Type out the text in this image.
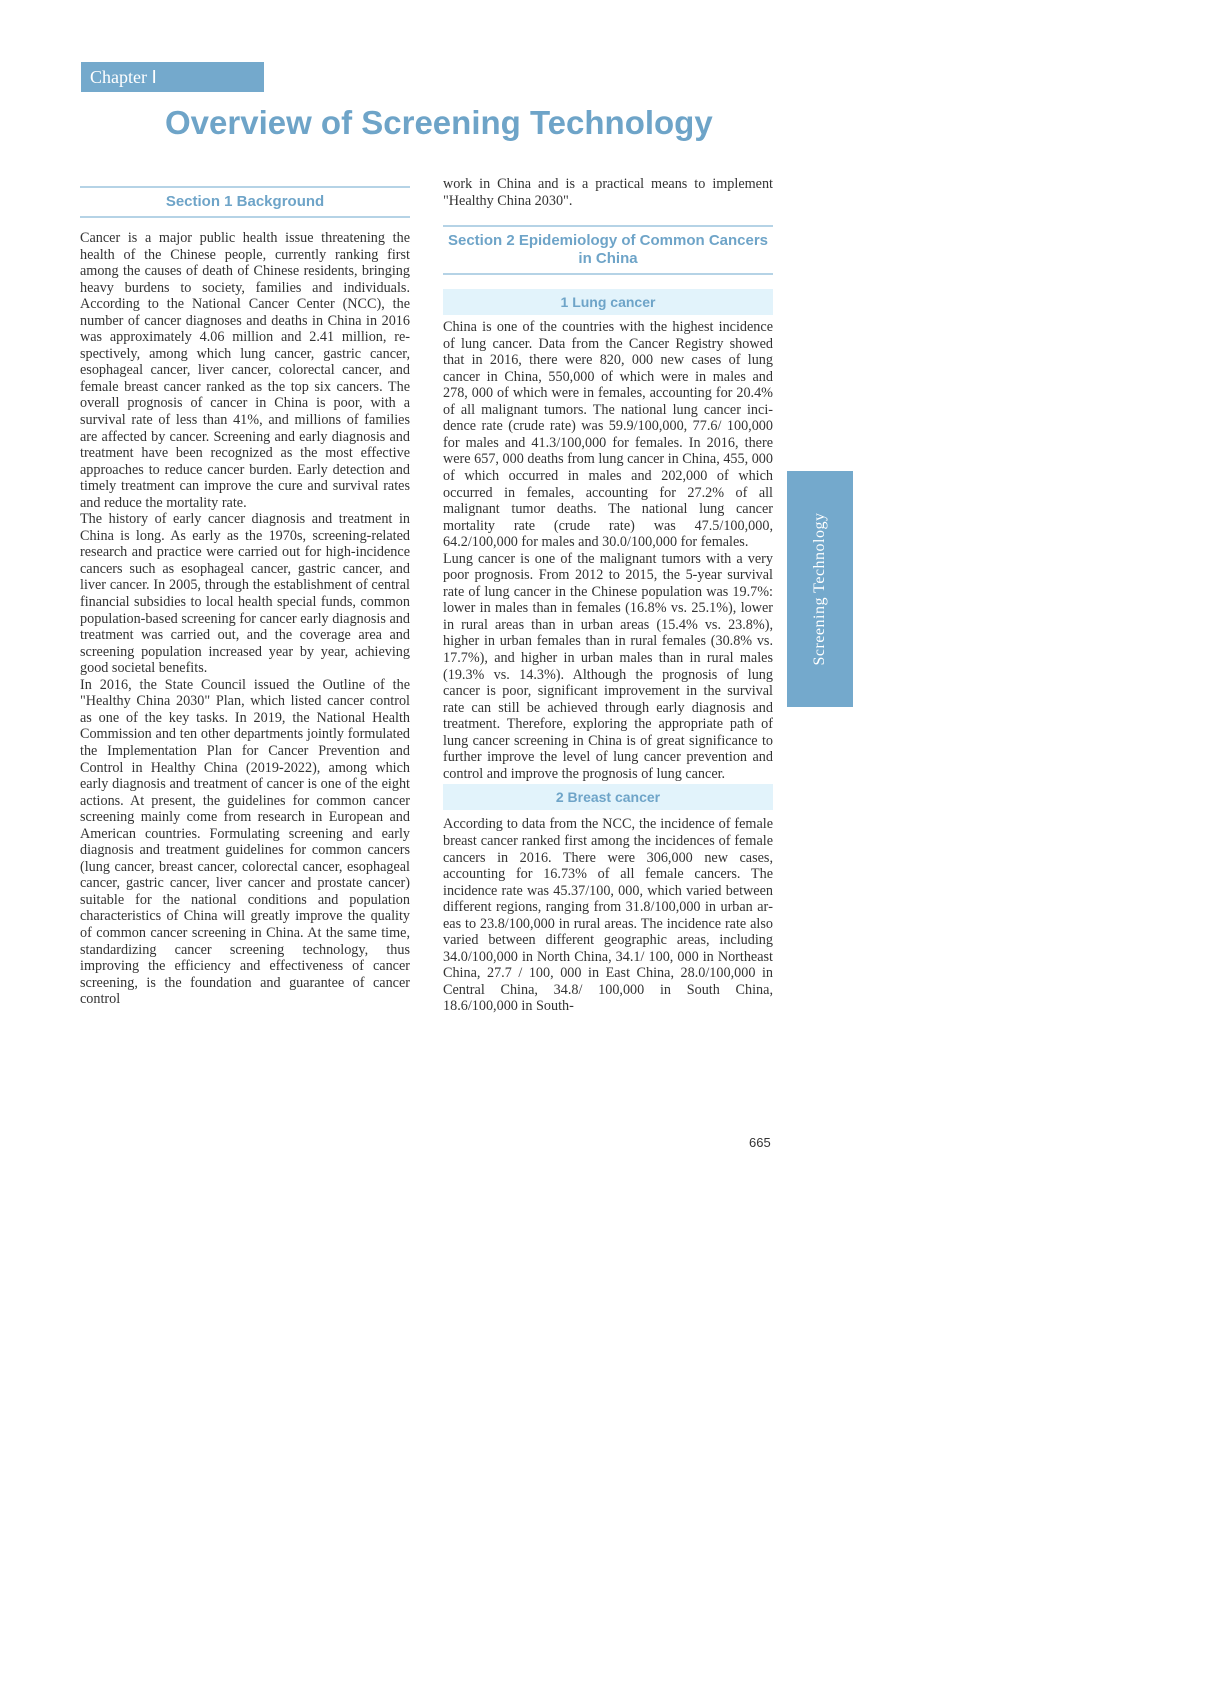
Chapter Ⅰ
Overview of Screening Technology
Section 1 Background

Cancer is a major public health issue threatening the health of the Chinese people, currently ranking first among the causes of death of Chinese residents, bringing heavy burdens to society, families and individuals. According to the National Cancer Center (NCC), the number of cancer diagnoses and deaths in China in 2016 was approximately 4.06 million and 2.41 million, respectively, among which lung cancer, gastric cancer, esophageal cancer, liver cancer, colorectal cancer, and female breast cancer ranked as the top six cancers. The overall prognosis of cancer in China is poor, with a survival rate of less than 41%, and millions of families are affected by cancer. Screening and early diagnosis and treatment have been recognized as the most effective approaches to reduce cancer burden. Early detection and timely treatment can improve the cure and survival rates and reduce the mortality rate.

The history of early cancer diagnosis and treatment in China is long. As early as the 1970s, screening-related research and practice were carried out for high-incidence cancers such as esophageal cancer, gastric cancer, and liver cancer. In 2005, through the establishment of central financial subsidies to local health special funds, common population-based screening for cancer early diagnosis and treatment was carried out, and the coverage area and screening population increased year by year, achieving good societal benefits.

In 2016, the State Council issued the Outline of the "Healthy China 2030" Plan, which listed cancer control as one of the key tasks. In 2019, the National Health Commission and ten other departments jointly formulated the Implementation Plan for Cancer Prevention and Control in Healthy China (2019-2022), among which early diagnosis and treatment of cancer is one of the eight actions. At present, the guidelines for common cancer screening mainly come from research in European and American countries. Formulating screening and early diagnosis and treatment guidelines for common cancers (lung cancer, breast cancer, colorectal cancer, esophageal cancer, gastric cancer, liver cancer and prostate cancer) suitable for the national conditions and population characteristics of China will greatly improve the quality of common cancer screening in China. At the same time, standardizing cancer screening technology, thus improving the efficiency and effectiveness of cancer screening, is the foundation and guarantee of cancer control

work in China and is a practical means to implement "Healthy China 2030".

Section 2 Epidemiology of Common Cancers in China
1 Lung cancer

China is one of the countries with the highest incidence of lung cancer. Data from the Cancer Registry showed that in 2016, there were 820, 000 new cases of lung cancer in China, 550,000 of which were in males and 278, 000 of which were in females, accounting for 20.4% of all malignant tumors. The national lung cancer incidence rate (crude rate) was 59.9/100,000, 77.6/ 100,000 for males and 41.3/100,000 for females. In 2016, there were 657, 000 deaths from lung cancer in China, 455, 000 of which occurred in males and 202,000 of which occurred in females, accounting for 27.2% of all malignant tumor deaths. The national lung cancer mortality rate (crude rate) was 47.5/100,000, 64.2/100,000 for males and 30.0/100,000 for females.

Lung cancer is one of the malignant tumors with a very poor prognosis. From 2012 to 2015, the 5-year survival rate of lung cancer in the Chinese population was 19.7%: lower in males than in females (16.8% vs. 25.1%), lower in rural areas than in urban areas (15.4% vs. 23.8%), higher in urban females than in rural females (30.8% vs. 17.7%), and higher in urban males than in rural males (19.3% vs. 14.3%). Although the prognosis of lung cancer is poor, significant improvement in the survival rate can still be achieved through early diagnosis and treatment. Therefore, exploring the appropriate path of lung cancer screening in China is of great significance to further improve the level of lung cancer prevention and control and improve the prognosis of lung cancer.

2 Breast cancer

According to data from the NCC, the incidence of female breast cancer ranked first among the incidences of female cancers in 2016. There were 306,000 new cases, accounting for 16.73% of all female cancers. The incidence rate was 45.37/100, 000, which varied between different regions, ranging from 31.8/100,000 in urban areas to 23.8/100,000 in rural areas. The incidence rate also varied between different geographic areas, including 34.0/100,000 in North China, 34.1/ 100, 000 in Northeast China, 27.7 / 100, 000 in East China, 28.0/100,000 in Central China, 34.8/ 100,000 in South China, 18.6/100,000 in South-

Screening Technology
665
